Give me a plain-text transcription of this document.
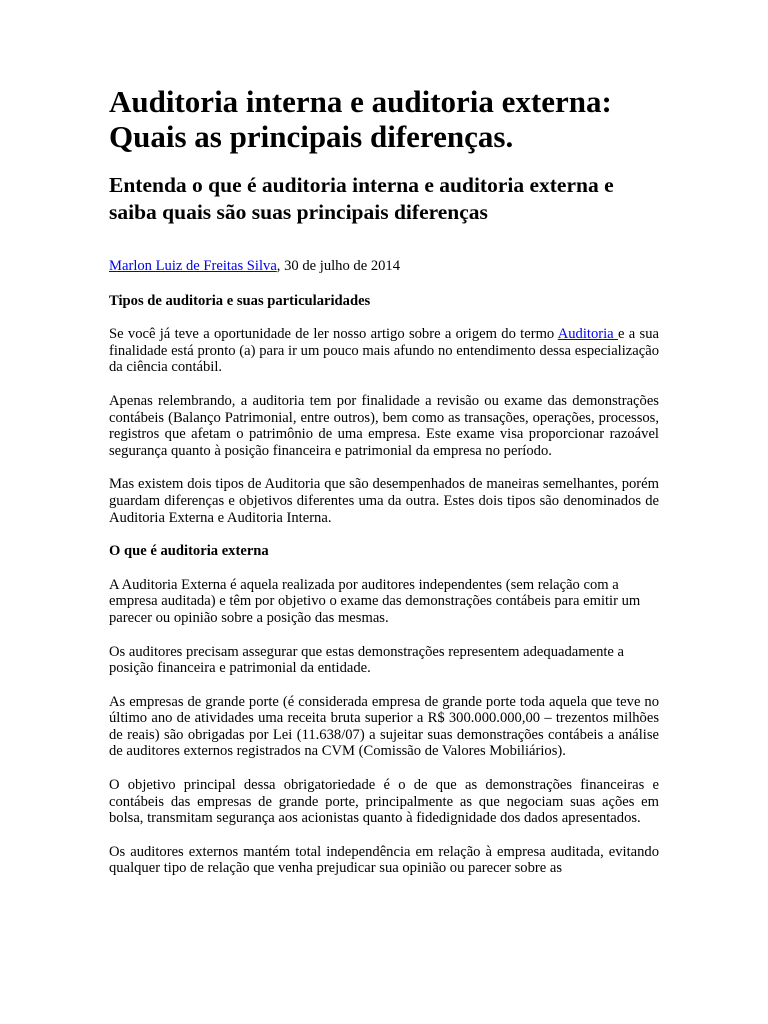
Auditoria interna e auditoria externa: Quais as principais diferenças.
Entenda o que é auditoria interna e auditoria externa e saiba quais são suas principais diferenças

Marlon Luiz de Freitas Silva, 30 de julho de 2014

Tipos de auditoria e suas particularidades

Se você já teve a oportunidade de ler nosso artigo sobre a origem do termo Auditoria e a sua finalidade está pronto (a) para ir um pouco mais afundo no entendimento dessa especialização da ciência contábil.

Apenas relembrando, a auditoria tem por finalidade a revisão ou exame das demonstrações contábeis (Balanço Patrimonial, entre outros), bem como as transações, operações, processos, registros que afetam o patrimônio de uma empresa. Este exame visa proporcionar razoável segurança quanto à posição financeira e patrimonial da empresa no período.

Mas existem dois tipos de Auditoria que são desempenhados de maneiras semelhantes, porém guardam diferenças e objetivos diferentes uma da outra. Estes dois tipos são denominados de Auditoria Externa e Auditoria Interna.

O que é auditoria externa

A Auditoria Externa é aquela realizada por auditores independentes (sem relação com a empresa auditada) e têm por objetivo o exame das demonstrações contábeis para emitir um parecer ou opinião sobre a posição das mesmas.

Os auditores precisam assegurar que estas demonstrações representem adequadamente a posição financeira e patrimonial da entidade.

As empresas de grande porte (é considerada empresa de grande porte toda aquela que teve no último ano de atividades uma receita bruta superior a R$ 300.000.000,00 – trezentos milhões de reais) são obrigadas por Lei (11.638/07) a sujeitar suas demonstrações contábeis a análise de auditores externos registrados na CVM (Comissão de Valores Mobiliários).

O objetivo principal dessa obrigatoriedade é o de que as demonstrações financeiras e contábeis das empresas de grande porte, principalmente as que negociam suas ações em bolsa, transmitam segurança aos acionistas quanto à fidedignidade dos dados apresentados.

Os auditores externos mantém total independência em relação à empresa auditada, evitando qualquer tipo de relação que venha prejudicar sua opinião ou parecer sobre as
